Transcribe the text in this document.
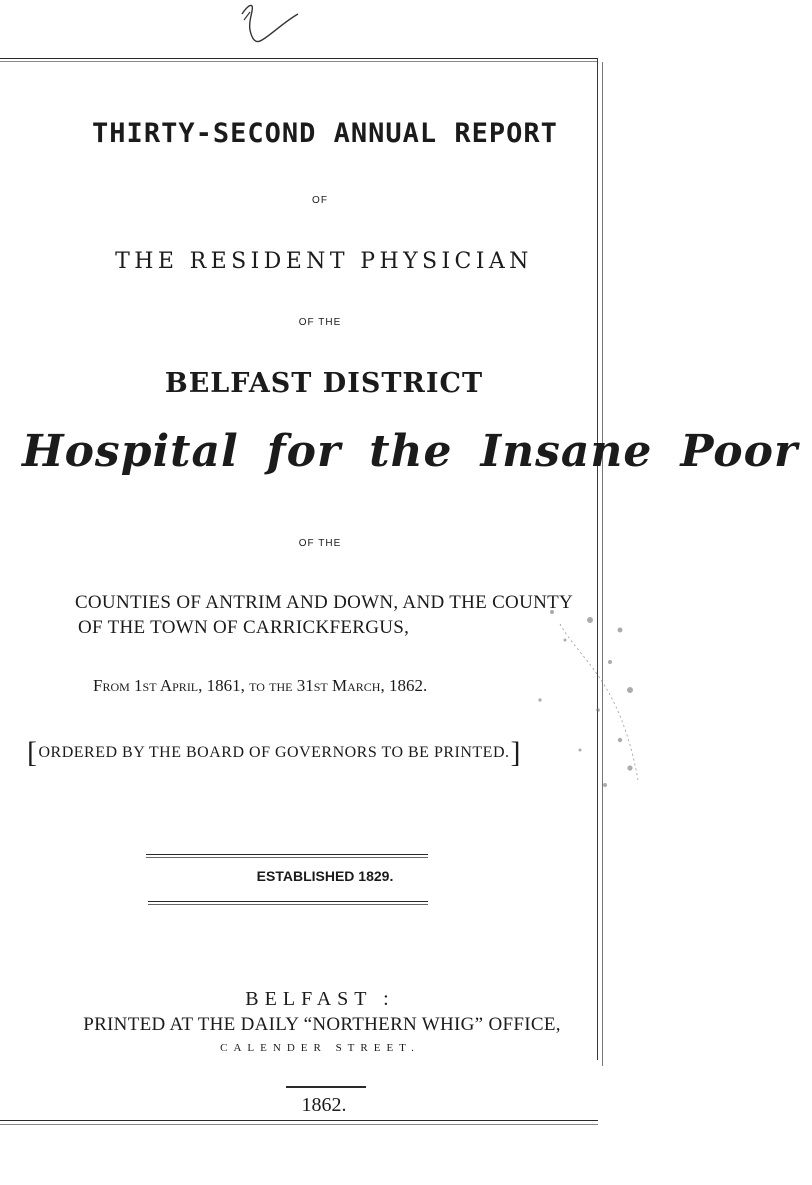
THIRTY-SECOND ANNUAL REPORT
OF
THE RESIDENT PHYSICIAN
OF THE
BELFAST DISTRICT
Hospital for the Insane Poor
OF THE
COUNTIES OF ANTRIM AND DOWN, AND THE COUNTY
OF THE TOWN OF CARRICKFERGUS,
From 1st April, 1861, to the 31st March, 1862.
[ORDERED BY THE BOARD OF GOVERNORS TO BE PRINTED.]
ESTABLISHED 1829.
BELFAST :
PRINTED AT THE DAILY “NORTHERN WHIG” OFFICE,
CALENDER STREET.
1862.
